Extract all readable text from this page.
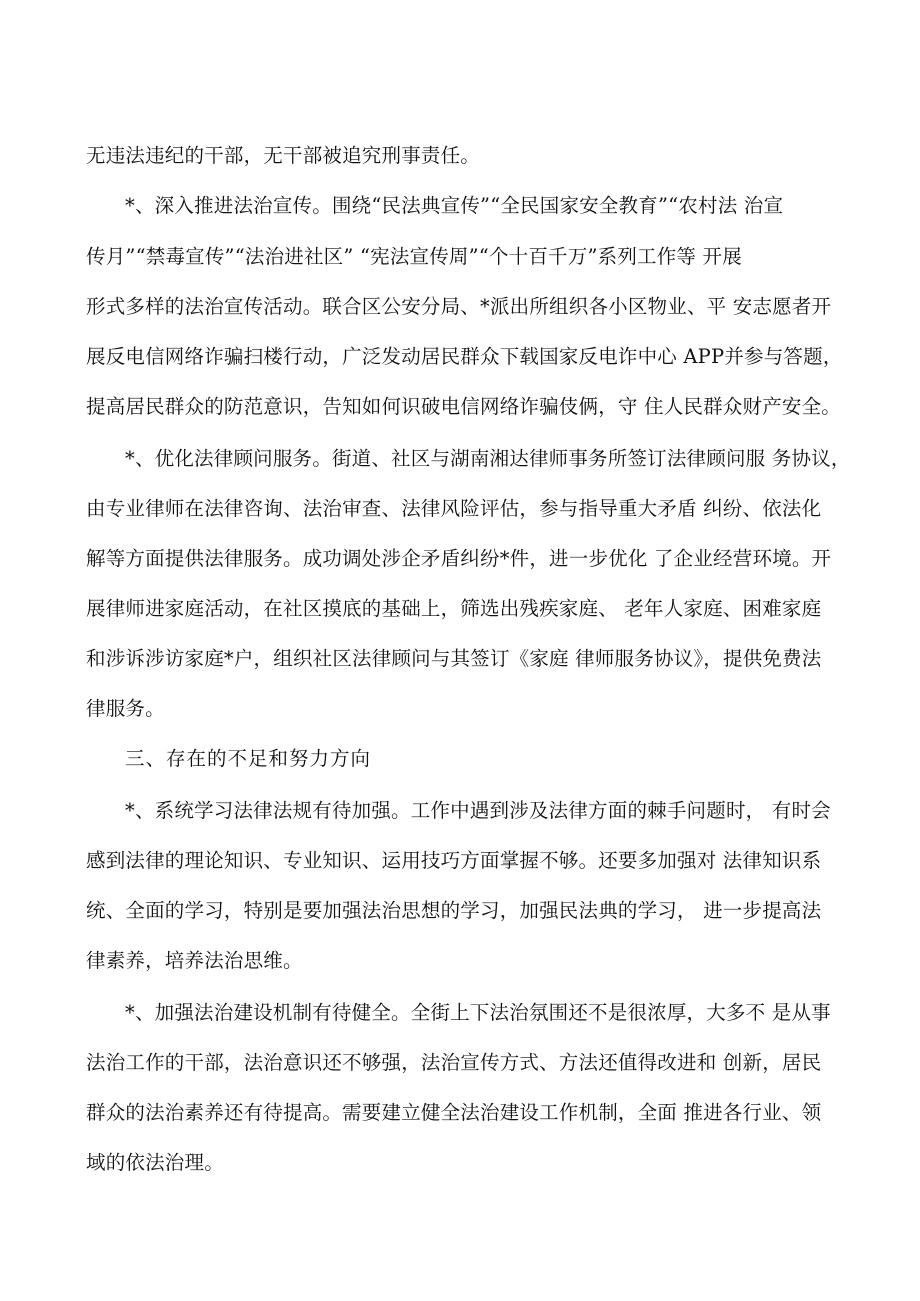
无违法违纪的干部，无干部被追究刑事责任。
*、深入推进法治宣传。围绕“民法典宣传”“全民国家安全教育”“农村法 治宣
传月”“禁毒宣传”“法治进社区” “宪法宣传周”“个十百千万”系列工作等 开展
形式多样的法治宣传活动。联合区公安分局、*派出所组织各小区物业、平 安志愿者开
展反电信网络诈骗扫楼行动，广泛发动居民群众下载国家反电诈中心 APP并参与答题，
提高居民群众的防范意识，告知如何识破电信网络诈骗伎俩，守 住人民群众财产安全。
*、优化法律顾问服务。街道、社区与湖南湘达律师事务所签订法律顾问服 务协议，
由专业律师在法律咨询、法治审查、法律风险评估，参与指导重大矛盾 纠纷、依法化
解等方面提供法律服务。成功调处涉企矛盾纠纷*件，进一步优化 了企业经营环境。开
展律师进家庭活动，在社区摸底的基础上，筛选出残疾家庭、 老年人家庭、困难家庭
和涉诉涉访家庭*户，组织社区法律顾问与其签订《家庭 律师服务协议》，提供免费法
律服务。
三、存在的不足和努力方向
*、系统学习法律法规有待加强。工作中遇到涉及法律方面的棘手问题时， 有时会
感到法律的理论知识、专业知识、运用技巧方面掌握不够。还要多加强对 法律知识系
统、全面的学习，特别是要加强法治思想的学习，加强民法典的学习， 进一步提高法
律素养，培养法治思维。
*、加强法治建设机制有待健全。全街上下法治氛围还不是很浓厚，大多不 是从事
法治工作的干部，法治意识还不够强，法治宣传方式、方法还值得改进和 创新，居民
群众的法治素养还有待提高。需要建立健全法治建设工作机制，全面 推进各行业、领
域的依法治理。
